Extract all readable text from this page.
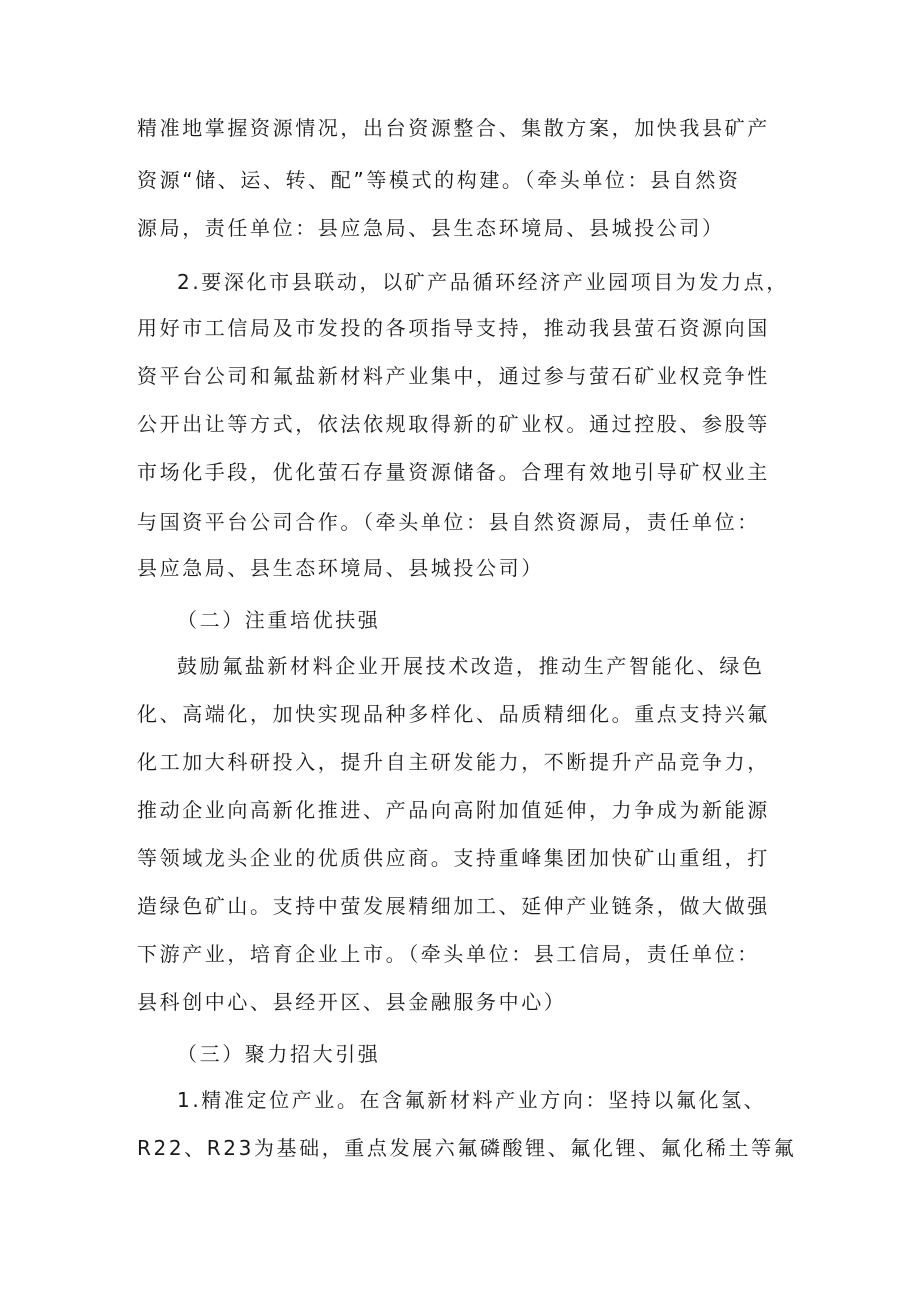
精准地掌握资源情况，出台资源整合、集散方案，加快我县矿产
资源“储、运、转、配”等模式的构建。（牵头单位：县自然资
源局，责任单位：县应急局、县生态环境局、县城投公司）
2.要深化市县联动，以矿产品循环经济产业园项目为发力点，
用好市工信局及市发投的各项指导支持，推动我县萤石资源向国
资平台公司和氟盐新材料产业集中，通过参与萤石矿业权竞争性
公开出让等方式，依法依规取得新的矿业权。通过控股、参股等
市场化手段，优化萤石存量资源储备。合理有效地引导矿权业主
与国资平台公司合作。（牵头单位：县自然资源局，责任单位：
县应急局、县生态环境局、县城投公司）
（二）注重培优扶强
鼓励氟盐新材料企业开展技术改造，推动生产智能化、绿色
化、高端化，加快实现品种多样化、品质精细化。重点支持兴氟
化工加大科研投入，提升自主研发能力，不断提升产品竞争力，
推动企业向高新化推进、产品向高附加值延伸，力争成为新能源
等领域龙头企业的优质供应商。支持重峰集团加快矿山重组，打
造绿色矿山。支持中萤发展精细加工、延伸产业链条，做大做强
下游产业，培育企业上市。（牵头单位：县工信局，责任单位：
县科创中心、县经开区、县金融服务中心）
（三）聚力招大引强
1.精准定位产业。在含氟新材料产业方向：坚持以氟化氢、
R22、R23为基础，重点发展六氟磷酸锂、氟化锂、氟化稀土等氟
